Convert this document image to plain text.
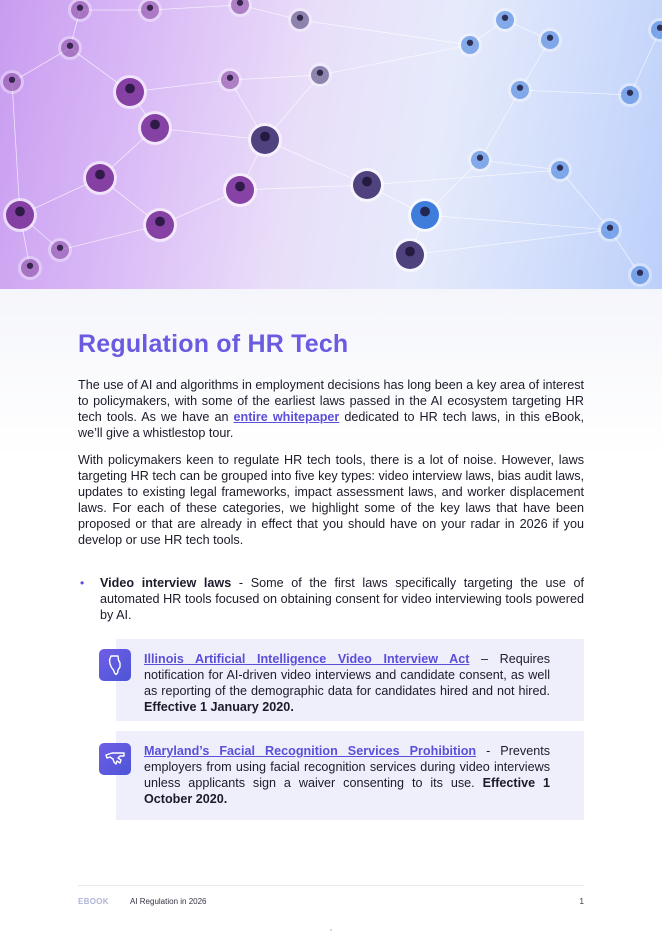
Regulation of HR Tech

The use of AI and algorithms in employment decisions has long been a key area of interest to policymakers, with some of the earliest laws passed in the AI ecosystem targeting HR tech tools. As we have an entire whitepaper dedicated to HR tech laws, in this eBook, we’ll give a whistlestop tour.

With policymakers keen to regulate HR tech tools, there is a lot of noise. However, laws targeting HR tech can be grouped into five key types: video interview laws, bias audit laws, updates to existing legal frameworks, impact assessment laws, and worker displacement laws. For each of these categories, we highlight some of the key laws that have been proposed or that are already in effect that you should have on your radar in 2026 if you develop or use HR tech tools.

• Video interview laws - Some of the first laws specifically targeting the use of automated HR tools focused on obtaining consent for video interviewing tools powered by AI.
Illinois Artificial Intelligence Video Interview Act – Requires notification for AI-driven video interviews and candidate consent, as well as reporting of the demographic data for candidates hired and not hired. Effective 1 January 2020.
Maryland’s Facial Recognition Services Prohibition - Prevents employers from using facial recognition services during video interviews unless applicants sign a waiver consenting to its use. Effective 1 October 2020.
EBOOK	AI Regulation in 2026	1
